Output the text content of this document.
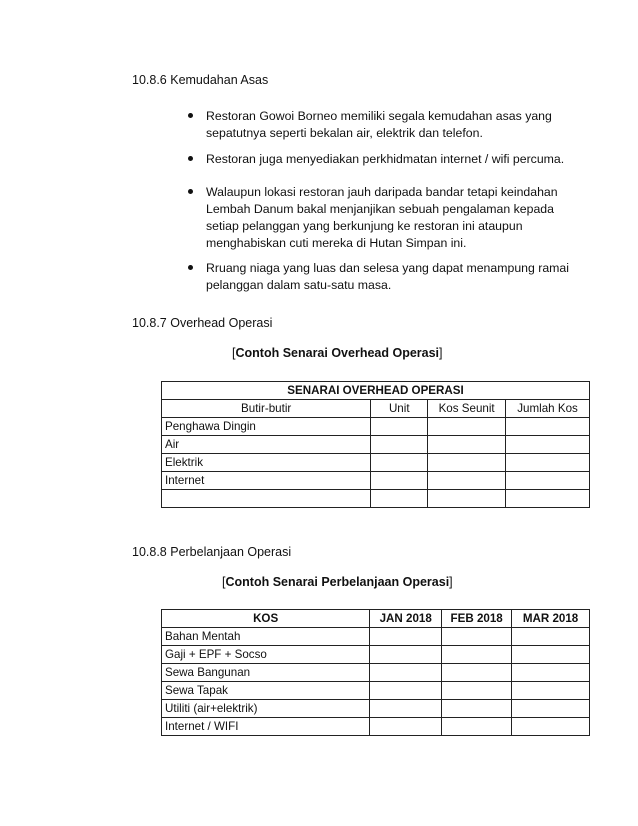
10.8.6 Kemudahan Asas
Restoran Gowoi Borneo memiliki segala kemudahan asas yang sepatutnya seperti bekalan air, elektrik dan telefon.
Restoran juga menyediakan perkhidmatan internet / wifi percuma.
Walaupun lokasi restoran jauh daripada bandar tetapi keindahan Lembah Danum bakal menjanjikan sebuah pengalaman kepada setiap pelanggan yang berkunjung ke restoran ini ataupun menghabiskan cuti mereka di Hutan Simpan ini.
Rruang niaga yang luas dan selesa yang dapat menampung ramai pelanggan dalam satu-satu masa.
10.8.7 Overhead Operasi
[Contoh Senarai Overhead Operasi]
SENARAI OVERHEAD OPERASI			
Butir-butir	Unit	Kos Seunit	Jumlah Kos
Penghawa Dingin			
Air			
Elektrik			
Internet			

10.8.8 Perbelanjaan Operasi
[Contoh Senarai Perbelanjaan Operasi]
KOS	JAN 2018	FEB 2018	MAR 2018
Bahan Mentah			
Gaji + EPF + Socso			
Sewa Bangunan			
Sewa Tapak			
Utiliti (air+elektrik)			
Internet / WIFI			
